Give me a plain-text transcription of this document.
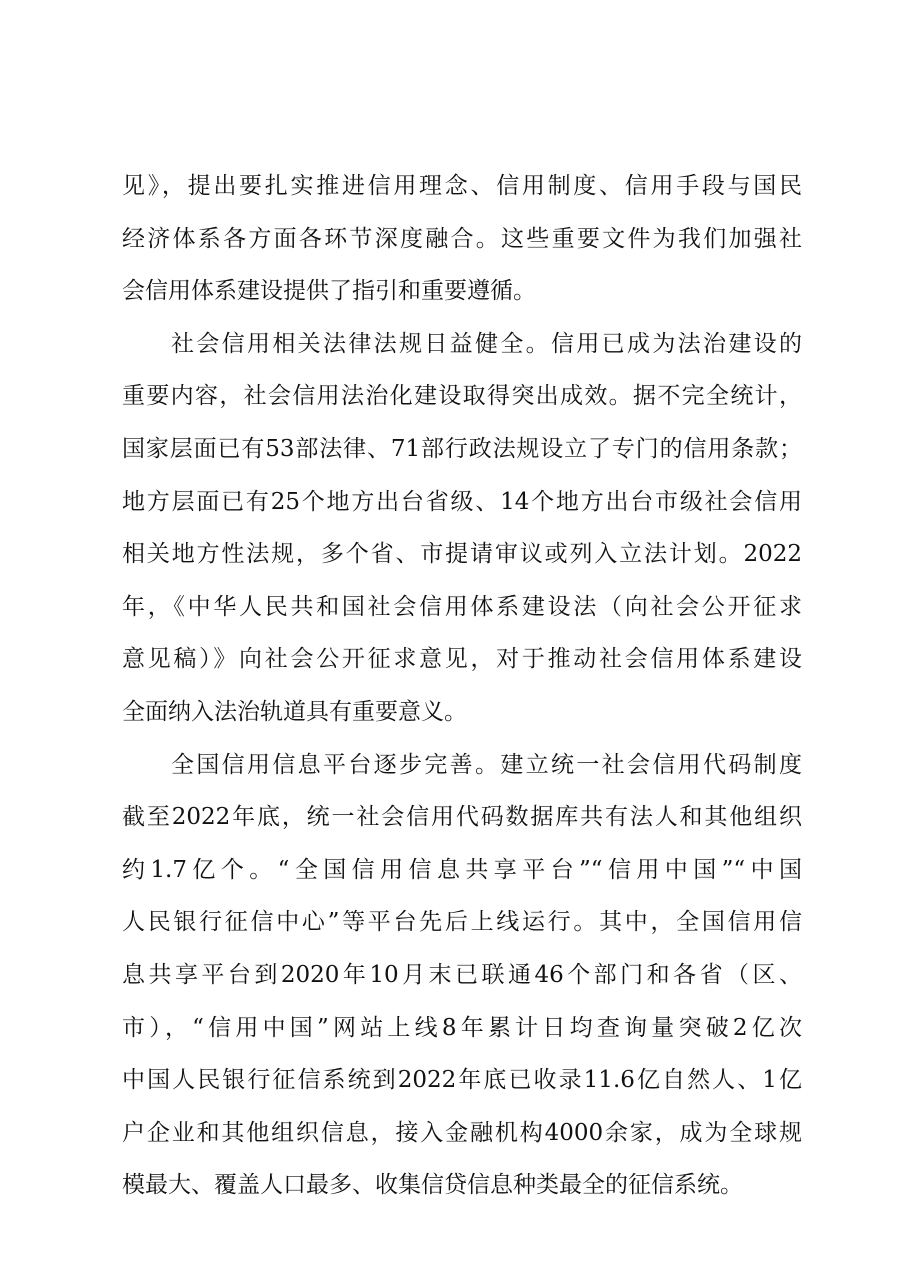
见》，提出要扎实推进信用理念、信用制度、信用手段与国民
经济体系各方面各环节深度融合。这些重要文件为我们加强社
会信用体系建设提供了指引和重要遵循。
社会信用相关法律法规日益健全。信用已成为法治建设的
重要内容，社会信用法治化建设取得突出成效。据不完全统计，
国家层面已有53部法律、71部行政法规设立了专门的信用条款；
地方层面已有25个地方出台省级、14个地方出台市级社会信用
相关地方性法规，多个省、市提请审议或列入立法计划。2022
年，《中华人民共和国社会信用体系建设法（向社会公开征求
意见稿）》向社会公开征求意见，对于推动社会信用体系建设
全面纳入法治轨道具有重要意义。
全国信用信息平台逐步完善。建立统一社会信用代码制度
截至2022年底，统一社会信用代码数据库共有法人和其他组织
约1.7亿个。“全国信用信息共享平台”“信用中国”“中国
人民银行征信中心”等平台先后上线运行。其中，全国信用信
息共享平台到2020年10月末已联通46个部门和各省（区、
市），“信用中国”网站上线8年累计日均查询量突破2亿次
中国人民银行征信系统到2022年底已收录11.6亿自然人、1亿
户企业和其他组织信息，接入金融机构4000余家，成为全球规
模最大、覆盖人口最多、收集信贷信息种类最全的征信系统。
